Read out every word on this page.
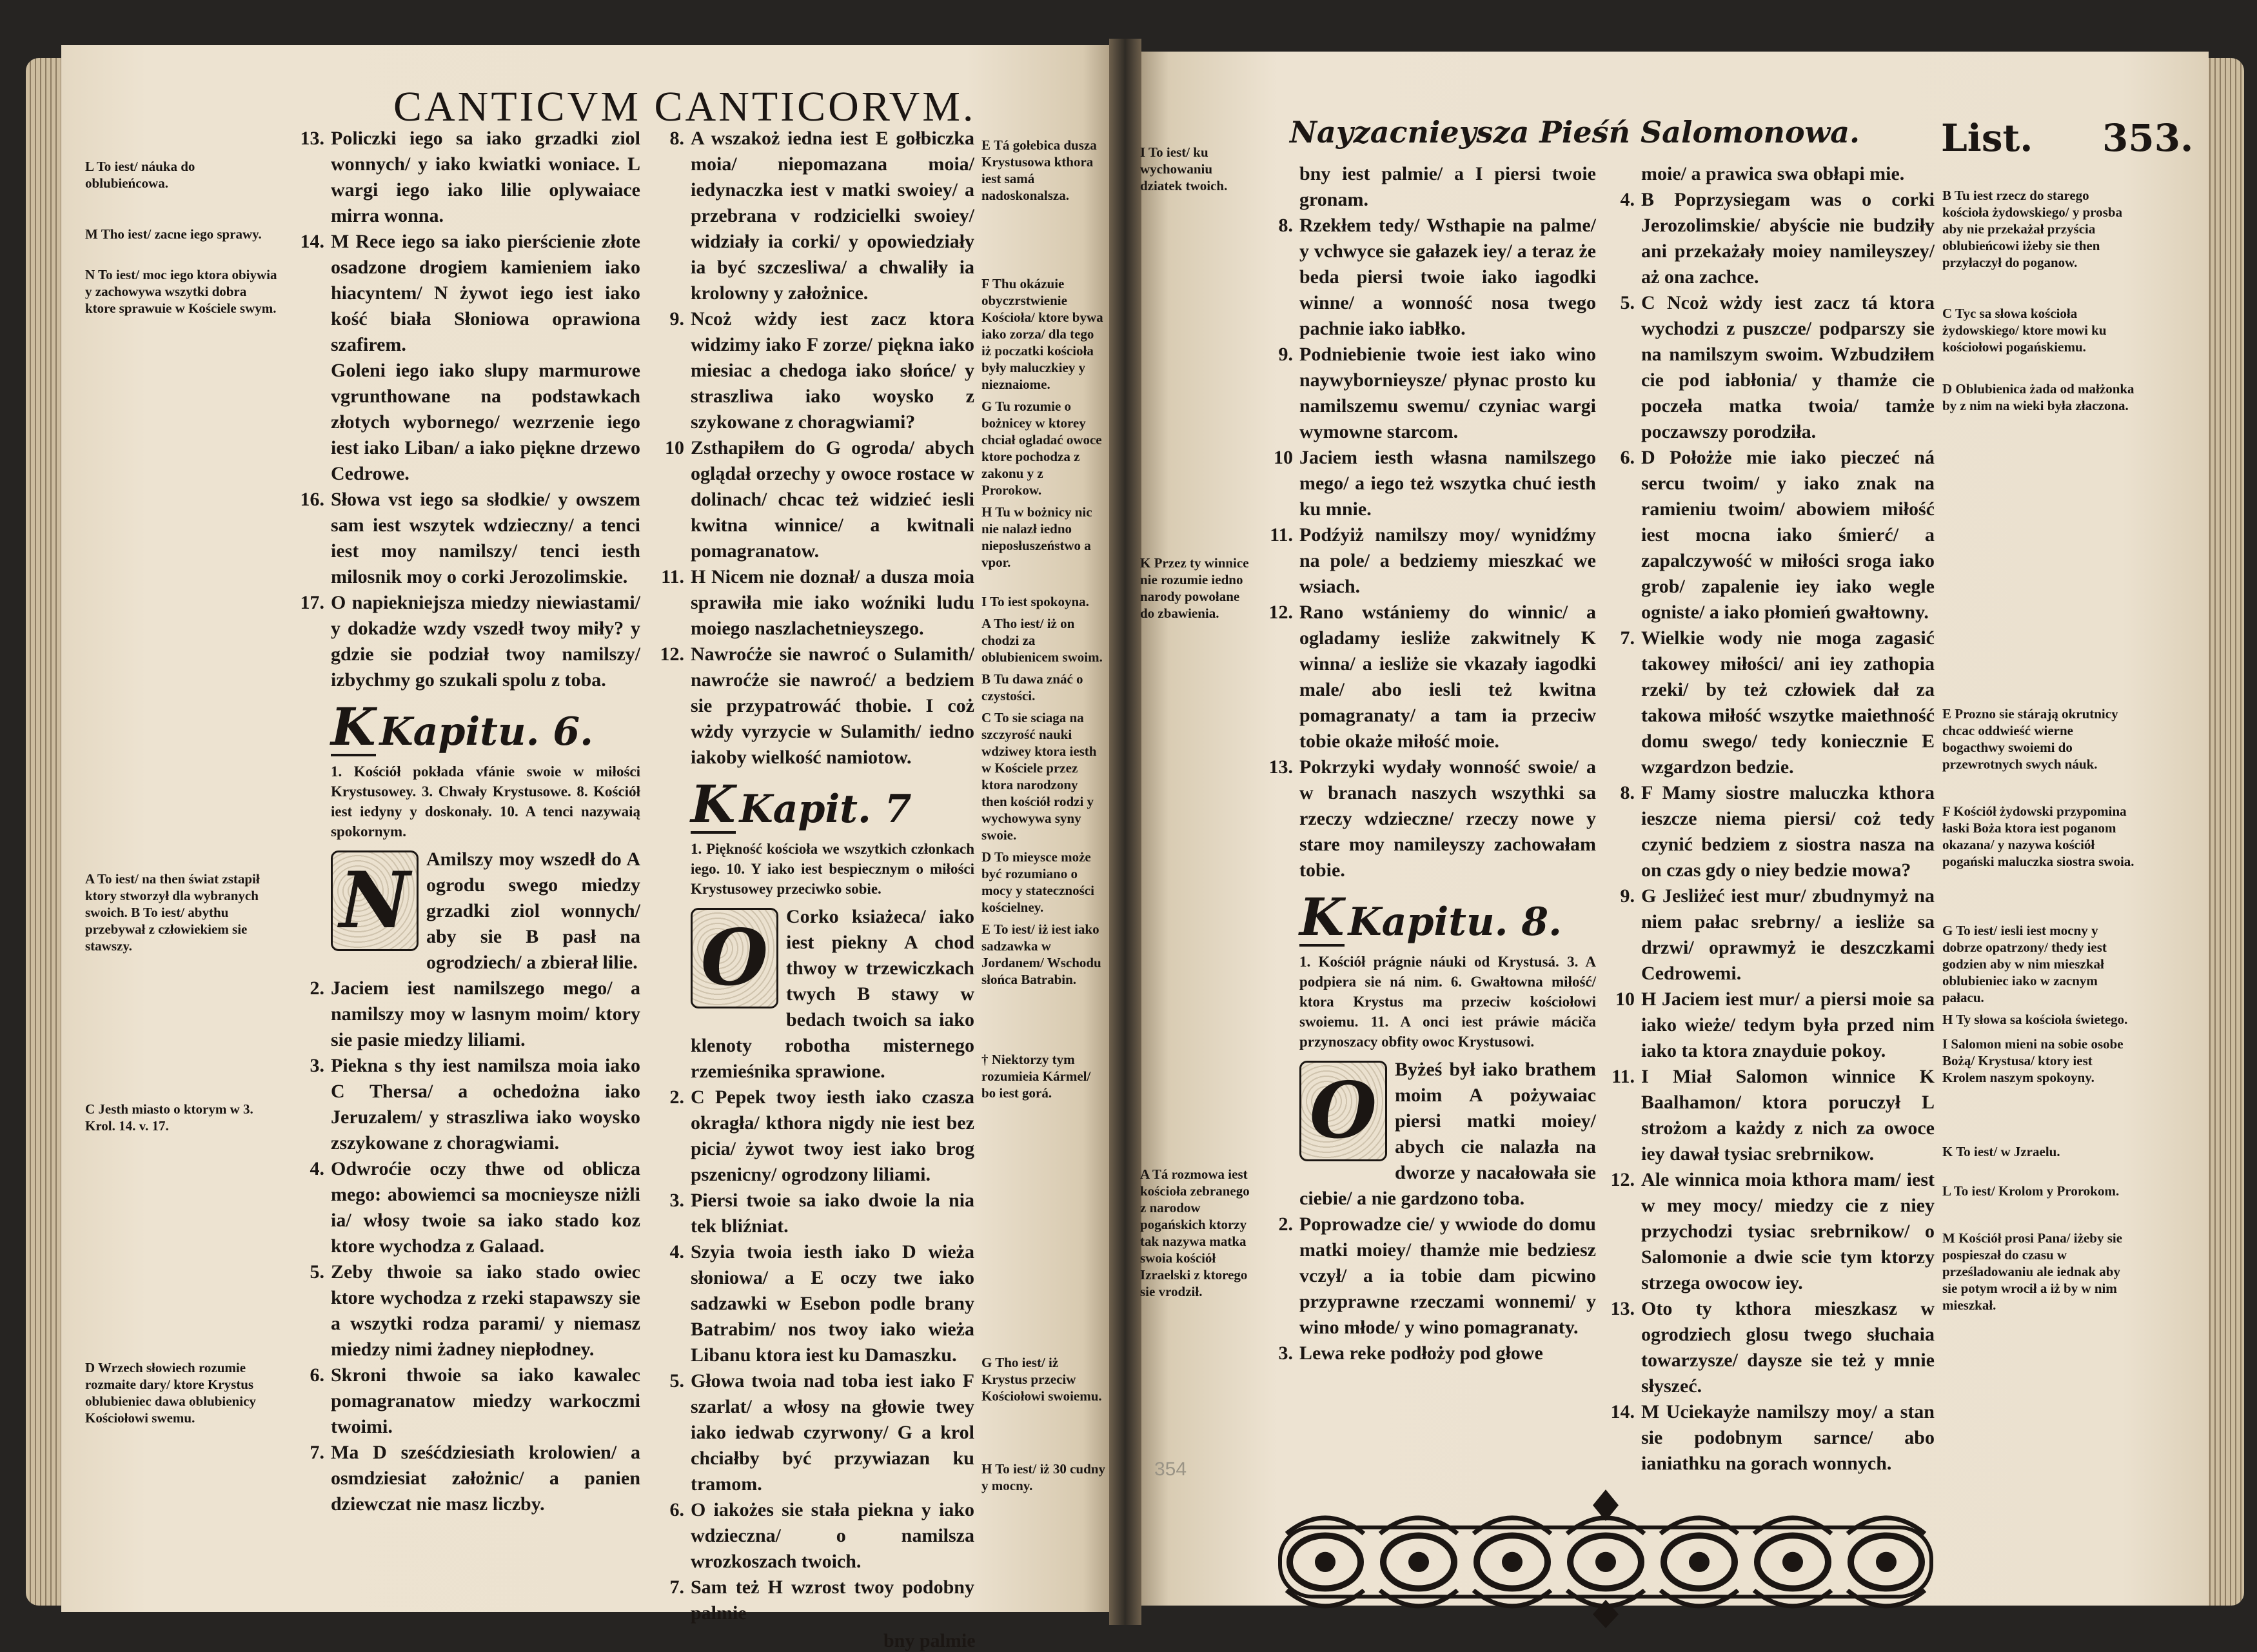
CANTICVM CANTICORVM.
Nayzacnieysza Pieśń Salomonowa. List. 353.
354
bny palmie
13. Policzki iego sa iako grzadki ziol wonnych/ y iako kwiatki woniace. L wargi iego iako lilie oplywaiace mirra wonna.
14. M Rece iego sa iako pierścienie złote osadzone drogiem kamieniem iako hiacyntem/ N żywot iego iest iako kość biała Słoniowa oprawiona szafirem.
Goleni iego iako slupy marmurowe vgrunthowane na podstawkach złotych wybornego/ wezrzenie iego iest iako Liban/ a iako piękne drzewo Cedrowe.
16. Słowa vst iego sa słodkie/ y owszem sam iest wszytek wdzieczny/ a tenci iest moy namilszy/ tenci iesth milosnik moy o corki Jerozolimskie.
17. O napiekniejsza miedzy niewiastami/ y dokadże wzdy vszedł twoy miły? y gdzie sie podział twoy namilszy/ izbychmy go szukali spolu z toba.
K Kapitu. 6.
1. Kościół pokłada vfánie swoie w miłości Krystusowey. 3. Chwały Krystusowe. 8. Kościół iest iedyny y doskonały. 10. A tenci nazywaią spokornym.
N Amilszy moy wszedł do A ogrodu swego miedzy grzadki ziol wonnych/ aby sie B pasł na ogrodziech/ a zbierał lilie.
2. Jaciem iest namilszego mego/ a namilszy moy w lasnym moim/ ktory sie pasie miedzy liliami.
3. Piekna s thy iest namilsza moia iako C Thersa/ a ochedożna iako Jeruzalem/ y straszliwa iako woysko zszykowane z choragwiami.
4. Odwroćie oczy thwe od oblicza mego: abowiemci sa mocnieysze niżli ia/ włosy twoie sa iako stado koz ktore wychodza z Galaad.
5. Zeby thwoie sa iako stado owiec ktore wychodza z rzeki stapawszy sie a wszytki rodza parami/ y niemasz miedzy nimi żadney niepłodney.
6. Skroni thwoie sa iako kawalec pomagranatow miedzy warkoczmi twoimi.
7. Ma D sześćdziesiath krolowien/ a osmdziesiat założnic/ a panien dziewczat nie masz liczby.
8. A wszakoż iedna iest E gołbiczka moia/ niepomazana moia/ iedynaczka iest v matki swoiey/ a przebrana v rodzicielki swoiey/ widziały ia corki/ y opowiedziały ia być szczesliwa/ a chwaliły ia krolowny y założnice.
9. Ncoż wżdy iest zacz ktora widzimy iako F zorze/ piękna iako miesiac a chedoga iako słońce/ y straszliwa iako woysko z szykowane z choragwiami?
10 Zsthapiłem do G ogroda/ abych oglądał orzechy y owoce rostace w dolinach/ chcac też widzieć iesli kwitna winnice/ a kwitnali pomagranatow.
11. H Nicem nie doznał/ a dusza moia sprawiła mie iako woźniki ludu moiego naszlachetnieyszego.
12. Nawroćże sie nawroć o Sulamith/ nawroćże sie nawroć/ a bedziem sie przypatrowáć thobie. I coż wżdy vyrzycie w Sulamith/ iedno iakoby wielkość namiotow.
K Kapit. 7
1. Piękność kościoła we wszytkich członkach iego. 10. Y iako iest bespiecznym o miłości Krystusowey przeciwko sobie.
O Corko ksiażeca/ iako iest piekny A chod thwoy w trzewiczkach twych B stawy w bedach twoich sa iako klenoty robotha misternego rzemieśnika sprawione.
2. C Pepek twoy iesth iako czasza okragła/ kthora nigdy nie iest bez picia/ żywot twoy iest iako brog pszenicny/ ogrodzony liliami.
3. Piersi twoie sa iako dwoie la nia tek bliźniat.
4. Szyia twoia iesth iako D wieża słoniowa/ a E oczy twe iako sadzawki w Esebon podle brany Batrabim/ nos twoy iako wieża Libanu ktora iest ku Damaszku.
5. Głowa twoia nad toba iest iako F szarlat/ a włosy na głowie twey iako iedwab czyrwony/ G a krol chciałby być przywiazan ku tramom.
6. O iakożes sie stała piekna y iako wdzieczna/ o namilsza wrozkoszach twoich.
7. Sam też H wzrost twoy podobny palmie
bny iest palmie/ a I piersi twoie gronam.
8. Rzekłem tedy/ Wsthapie na palme/ y vchwyce sie gałazek iey/ a teraz że beda piersi twoie iako iagodki winne/ a wonność nosa twego pachnie iako iabłko.
9. Podniebienie twoie iest iako wino naywybornieysze/ płynac prosto ku namilszemu swemu/ czyniac wargi wymowne starcom.
10 Jaciem iesth własna namilszego mego/ a iego też wszytka chuć iesth ku mnie.
11. Podźyiż namilszy moy/ wynidźmy na pole/ a bedziemy mieszkać we wsiach.
12. Rano wstániemy do winnic/ a ogladamy iesliże zakwitnely K winna/ a iesliże sie vkazały iagodki male/ abo iesli też kwitna pomagranaty/ a tam ia przeciw tobie okaże miłość moie.
13. Pokrzyki wydały wonność swoie/ a w branach naszych wszythki sa rzeczy wdzieczne/ rzeczy nowe y stare moy namileyszy zachowałam tobie.
K Kapitu. 8.
1. Kościół prágnie náuki od Krystusá. 3. A podpiera sie ná nim. 6. Gwałtowna miłość/ ktora Krystus ma przeciw kościołowi swoiemu. 11. A onci iest práwie máciča przynoszacy obfity owoc Krystusowi.
O Byżeś był iako brathem moim A pożywaiac piersi matki moiey/ abych cie nalazła na dworze y nacałowała sie ciebie/ a nie gardzono toba.
2. Poprowadze cie/ y wwiode do domu matki moiey/ thamże mie bedziesz vczył/ a ia tobie dam picwino przyprawne rzeczami wonnemi/ y wino młode/ y wino pomagranaty.
3. Lewa reke podłoży pod głowe
moie/ a prawica swa obłapi mie.
4. B Poprzysiegam was o corki Jerozolimskie/ abyście nie budziły ani przekażały moiey namileyszey/ aż ona zachce.
5. C Ncoż wżdy iest zacz tá ktora wychodzi z puszcze/ podparszy sie na namilszym swoim. Wzbudziłem cie pod iabłonia/ y thamże cie poczeła matka twoia/ tamże poczawszy porodziła.
6. D Położże mie iako pieczeć ná sercu twoim/ y iako znak na ramieniu twoim/ abowiem miłość iest mocna iako śmierć/ a zapalczywość w miłości sroga iako grob/ zapalenie iey iako wegle ogniste/ a iako płomień gwałtowny.
7. Wielkie wody nie moga zagasić takowey miłości/ ani iey zathopia rzeki/ by też człowiek dał za takowa miłość wszytke maiethność domu swego/ tedy koniecznie E wzgardzon bedzie.
8. F Mamy siostre maluczka kthora ieszcze niema piersi/ coż tedy czynić bedziem z siostra nasza na on czas gdy o niey bedzie mowa?
9. G Jesliżeć iest mur/ zbudnymyż na niem pałac srebrny/ a iesliże sa drzwi/ oprawmyż ie deszczkami Cedrowemi.
10 H Jaciem iest mur/ a piersi moie sa iako wieże/ tedym była przed nim iako ta ktora znayduie pokoy.
11. I Miał Salomon winnice K Baalhamon/ ktora poruczył L strożom a każdy z nich za owoce iey dawał tysiac srebrnikow.
12. Ale winnica moia kthora mam/ iest w mey mocy/ miedzy cie z niey przychodzi tysiac srebrnikow/ o Salomonie a dwie scie tym ktorzy strzega owocow iey.
13. Oto ty kthora mieszkasz w ogrodziech glosu twego słuchaia towarzysze/ daysze sie też y mnie słyszeć.
14. M Uciekayże namilszy moy/ a stan sie podobnym sarnce/ abo ianiathku na gorach wonnych.
L To iest/ náuka do oblubieńcowa.
M Tho iest/ zacne iego sprawy.
N To iest/ moc iego ktora obiywia y zachowywa wszytki dobra ktore sprawuie w Kościele swym.
A To iest/ na then świat zstapił ktory stworzył dla wybranych swoich. B To iest/ abythu przebywał z człowiekiem sie stawszy.
C Jesth miasto o ktorym w 3. Krol. 14. v. 17.
D Wrzech słowiech rozumie rozmaite dary/ ktore Krystus oblubieniec dawa oblubienicy Kościołowi swemu.
E Tá gołebica dusza Krystusowa kthora iest samá nadoskonalsza.
F Thu okázuie obyczrstwienie Kościoła/ ktore bywa iako zorza/ dla tego iż poczatki kościoła były maluczkiey y nieznaiome.
G Tu rozumie o bożnicey w ktorey chciał ogladać owoce ktore pochodza z zakonu y z Prorokow.
H Tu w bożnicy nic nie nalazł iedno nieposłuszeństwo a vpor.
I To iest spokoyna.
A Tho iest/ iż on chodzi za oblubienicem swoim.
B Tu dawa znáć o czystości.
C To sie sciaga na szczyrość nauki wdziwey ktora iesth w Kościele przez ktora narodzony then kościół rodzi y wychowywa syny swoie.
D To mieysce może być rozumiano o mocy y stateczności kościelney.
E To iest/ iż iest iako sadzawka w Jordanem/ Wschodu słońca Batrabin.
† Niektorzy tym rozumieia Kármel/ bo iest gorá.
G Tho iest/ iż Krystus przeciw Kościołowi swoiemu.
H To iest/ iż 30 cudny y mocny.
I To iest/ ku wychowaniu dziatek twoich.
K Przez ty winnice nie rozumie iedno narody powołane do zbawienia.
A Tá rozmowa iest kościoła zebranego z narodow pogańskich ktorzy tak nazywa matka swoia kościół Izraelski z ktorego sie vrodził.
B Tu iest rzecz do starego kościoła żydowskiego/ y prosba aby nie przekażał przyścia oblubieńcowi iżeby sie then przyłaczył do poganow.
C Tyc sa słowa kościoła żydowskiego/ ktore mowi ku kościołowi pogańskiemu.
D Oblubienica żada od małżonka by z nim na wieki była złaczona.
E Prozno sie stárają okrutnicy chcac oddwieść wierne bogacthwy swoiemi do przewrotnych swych náuk.
F Kościół żydowski przypomina łaski Boża ktora iest poganom okazana/ y nazywa kościół pogański maluczka siostra swoia.
G To iest/ iesli iest mocny y dobrze opatrzony/ thedy iest godzien aby w nim mieszkał oblubieniec iako w zacnym pałacu.
H Ty słowa sa kościoła świetego.
I Salomon mieni na sobie osobe Bożą/ Krystusa/ ktory iest Krolem naszym spokoyny.
K To iest/ w Jzraelu.
L To iest/ Krolom y Prorokom.
M Kościół prosi Pana/ iżeby sie pospieszał do czasu w prześladowaniu ale iednak aby sie potym wrocił a iż by w nim mieszkał.
